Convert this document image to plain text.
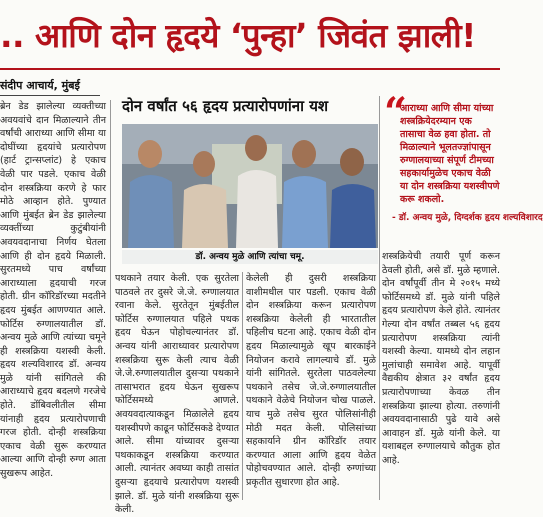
.. आणि दोन हृदये ‘पुन्हा’ जिवंत झाली!
संदीप आचार्य, मुंबई
ब्रेन डेड झालेल्या व्यक्तीच्या अवयवांचे दान मिळाल्याने तीन वर्षांची आराध्या आणि सीमा या दोघींच्या हृदयांचे प्रत्यारोपण (हार्ट ट्रान्सप्लांट) हे एकाच वेळी पार पडले. एकाच वेळी दोन शस्त्रक्रिया करणे हे फार मोठे आव्हान होते. पुण्यात आणि मुंबईत ब्रेन डेड झालेल्या व्यक्तींच्या कुटुंबीयांनी अवयवदानाचा निर्णय घेतला आणि ही दोन हृदये मिळाली. सुरतमध्ये पाच वर्षांच्या आराध्याला हृदयाची गरज होती. ग्रीन कॉरिडॉरच्या मदतीने हृदय मुंबईत आणण्यात आले. फोर्टिस रुग्णालयातील डॉ. अन्वय मुळे आणि त्यांच्या चमूने ही शस्त्रक्रिया यशस्वी केली. हृदय शल्यविशारद डॉ. अन्वय मुळे यांनी सांगितले की आराध्याचे हृदय बदलणे गरजेचे होते. डोंबिवलीतील सीमा यांनाही हृदय प्रत्यारोपणाची गरज होती. दोन्ही शस्त्रक्रिया एकाच वेळी सुरू करण्यात आल्या आणि दोन्ही रुग्ण आता सुखरूप आहेत.
दोन वर्षांत ५६ हृदय प्रत्यारोपणांना यश
डॉ. अन्वय मुळे आणि त्यांचा चमू.
“
आराध्या आणि सीमा यांच्या शस्त्रक्रियेदरम्यान एक तासाचा वेळ हवा होता. तो मिळाल्याने भूलतज्ज्ञांपासून रुग्णालयाच्या संपूर्ण टीमच्या सहकार्यामुळेच एकाच वेळी या दोन शस्त्रक्रिया यशस्वीपणे करू शकलो.
- डॉ. अन्वय मुळे, दिग्दर्शक हृदय शल्यविशारद
पथकाने तयार केली. एक सुरतेला पाठवले तर दुसरे जे.जे. रुग्णालयात रवाना केले. सुरतेतून मुंबईतील फोर्टिस रुग्णालयात पहिले पथक हृदय घेऊन पोहोचल्यानंतर डॉ. अन्वय यांनी आराध्यावर प्रत्यारोपण शस्त्रक्रिया सुरू केली त्याच वेळी जे.जे.रुग्णालयातील दुसऱ्या पथकाने तासाभरात हृदय घेऊन सुखरूप फोर्टिसमध्ये आणले. अवयवदात्याकडून मिळालेले हृदय यशस्वीपणे काढून फोर्टिसकडे देण्यात आले. सीमा यांच्यावर दुसऱ्या पथकाकडून शस्त्रक्रिया करण्यात आली. त्यानंतर अवघ्या काही तासांत दुसऱ्या हृदयाचे प्रत्यारोपण यशस्वी झाले. डॉ. मुळे यांनी शस्त्रक्रिया सुरू केली.
केलेली ही दुसरी शस्त्रक्रिया वाशीमधील पार पडली. एकाच वेळी दोन शस्त्रक्रिया करून प्रत्यारोपण शस्त्रक्रिया केलेली ही भारतातील पहिलीच घटना आहे. एकाच वेळी दोन हृदय मिळाल्यामुळे खूप बारकाईने नियोजन करावे लागल्याचे डॉ. मुळे यांनी सांगितले. सुरतेला पाठवलेल्या पथकाने तसेच जे.जे.रुग्णालयातील पथकाने वेळेचे नियोजन चोख पाळले. याच मुळे तसेच सुरत पोलिसांनीही मोठी मदत केली. पोलिसांच्या सहकार्याने ग्रीन कॉरिडॉर तयार करण्यात आला आणि हृदय वेळेत पोहोचवण्यात आले. दोन्ही रुग्णांच्या प्रकृतीत सुधारणा होत आहे.
शस्त्रक्रियेची तयारी पूर्ण करून ठेवली होती, असे डॉ. मुळे म्हणाले. दोन वर्षांपूर्वी तीन मे २०१५ मध्ये फोर्टिसमध्ये डॉ. मुळे यांनी पहिले हृदय प्रत्यारोपण केले होते. त्यानंतर गेल्या दोन वर्षांत तब्बल ५६ हृदय प्रत्यारोपण शस्त्रक्रिया त्यांनी यशस्वी केल्या. यामध्ये दोन लहान मुलांचाही समावेश आहे. यापूर्वी वैद्यकीय क्षेत्रात ३२ वर्षांत हृदय प्रत्यारोपणाच्या केवळ तीन शस्त्रक्रिया झाल्या होत्या. तरुणांनी अवयवदानासाठी पुढे यावे असे आवाहन डॉ. मुळे यांनी केले. या यशाबद्दल रुग्णालयाचे कौतुक होत आहे.
